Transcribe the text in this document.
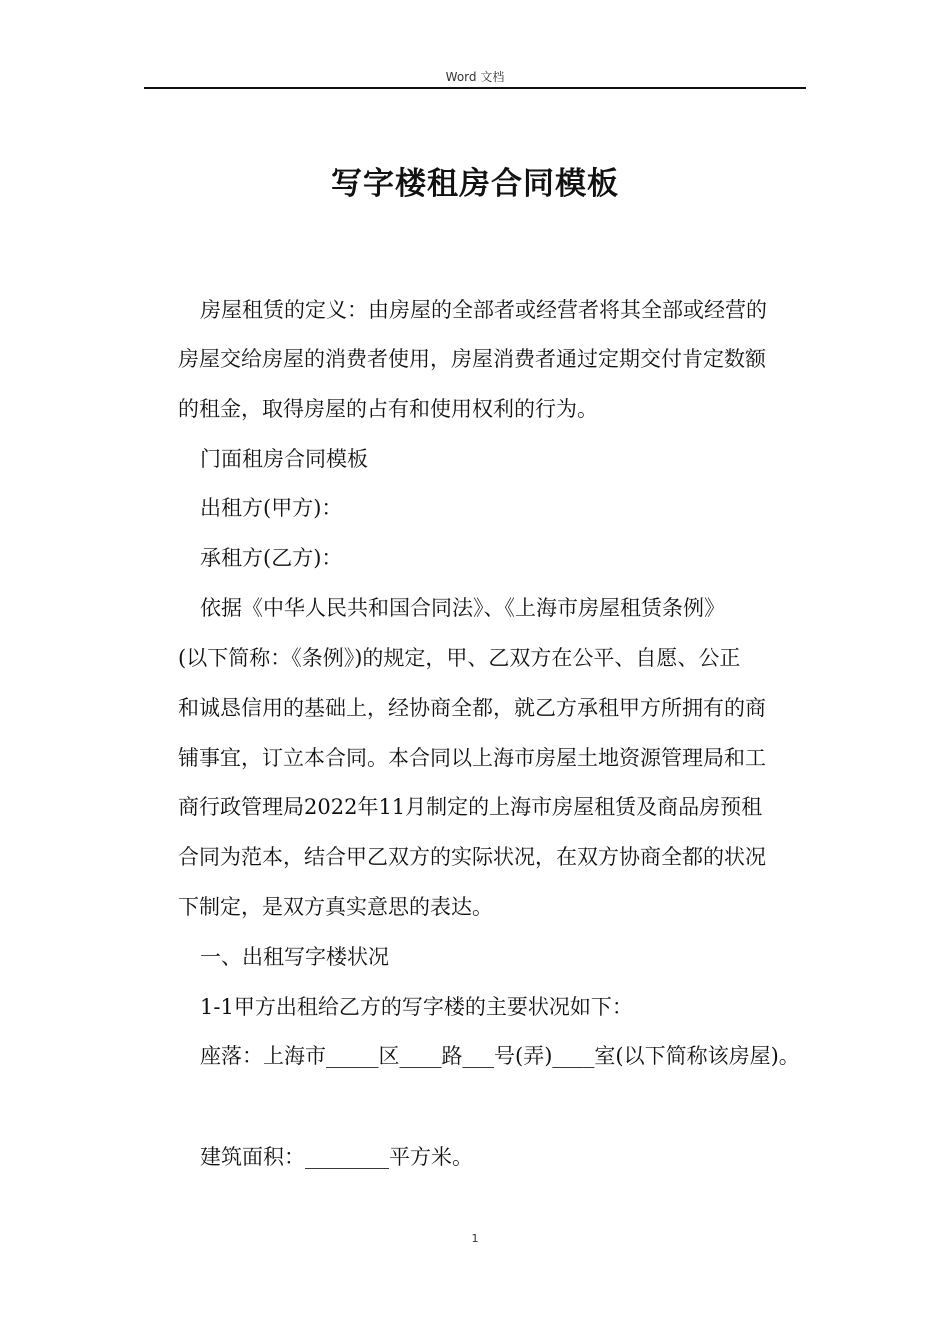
Word 文档
写字楼租房合同模板
房屋租赁的定义：由房屋的全部者或经营者将其全部或经营的
房屋交给房屋的消费者使用，房屋消费者通过定期交付肯定数额
的租金，取得房屋的占有和使用权利的行为。
门面租房合同模板
出租方(甲方)：
承租方(乙方)：
依据《中华人民共和国合同法》、《上海市房屋租赁条例》
(以下简称：《条例》)的规定，甲、乙双方在公平、自愿、公正
和诚恳信用的基础上，经协商全都，就乙方承租甲方所拥有的商
铺事宜，订立本合同。本合同以上海市房屋土地资源管理局和工
商行政管理局2022年11月制定的上海市房屋租赁及商品房预租
合同为范本，结合甲乙双方的实际状况，在双方协商全都的状况
下制定，是双方真实意思的表达。
一、出租写字楼状况
1-1甲方出租给乙方的写字楼的主要状况如下：
座落：上海市_____区____路___号(弄)____室(以下简称该房屋)。
建筑面积：________平方米。
1
